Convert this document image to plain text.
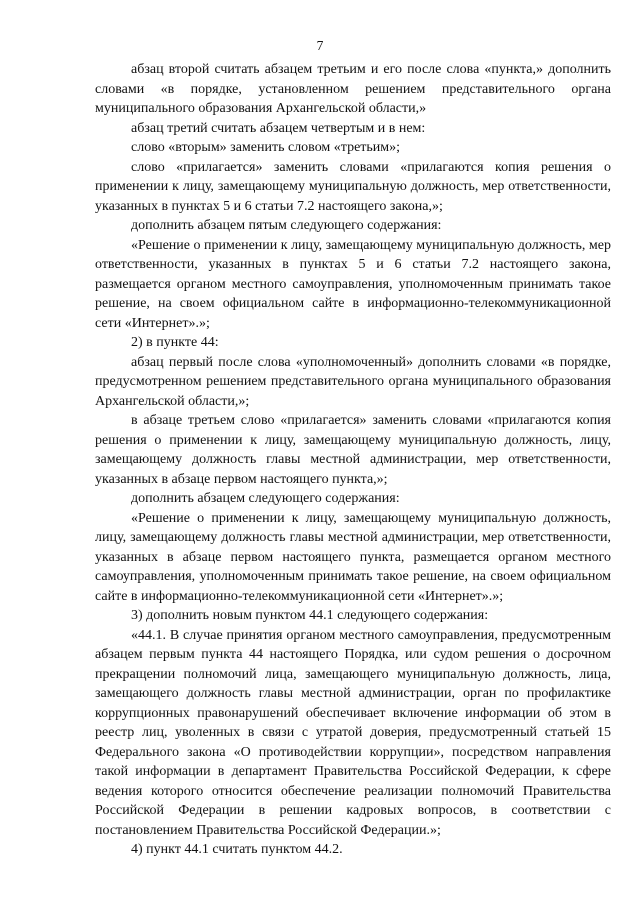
7

абзац второй считать абзацем третьим и его после слова «пункта,» дополнить словами «в порядке, установленном решением представительного органа муниципального образования Архангельской области,»

абзац третий считать абзацем четвертым и в нем:

слово «вторым» заменить словом «третьим»;

слово «прилагается» заменить словами «прилагаются копия решения о применении к лицу, замещающему муниципальную должность, мер ответственности, указанных в пунктах 5 и 6 статьи 7.2 настоящего закона,»;

дополнить абзацем пятым следующего содержания:

«Решение о применении к лицу, замещающему муниципальную должность, мер ответственности, указанных в пунктах 5 и 6 статьи 7.2 настоящего закона, размещается органом местного самоуправления, уполномоченным принимать такое решение, на своем официальном сайте в информационно-телекоммуникационной сети «Интернет».»;

2) в пункте 44:

абзац первый после слова «уполномоченный» дополнить словами «в порядке, предусмотренном решением представительного органа муниципального образования Архангельской области,»;

в абзаце третьем слово «прилагается» заменить словами «прилагаются копия решения о применении к лицу, замещающему муниципальную должность, лицу, замещающему должность главы местной администрации, мер ответственности, указанных в абзаце первом настоящего пункта,»;

дополнить абзацем следующего содержания:

«Решение о применении к лицу, замещающему муниципальную должность, лицу, замещающему должность главы местной администрации, мер ответственности, указанных в абзаце первом настоящего пункта, размещается органом местного самоуправления, уполномоченным принимать такое решение, на своем официальном сайте в информационно-телекоммуникационной сети «Интернет».»;

3) дополнить новым пунктом 44.1 следующего содержания:

«44.1. В случае принятия органом местного самоуправления, предусмотренным абзацем первым пункта 44 настоящего Порядка, или судом решения о досрочном прекращении полномочий лица, замещающего муниципальную должность, лица, замещающего должность главы местной администрации, орган по профилактике коррупционных правонарушений обеспечивает включение информации об этом в реестр лиц, уволенных в связи с утратой доверия, предусмотренный статьей 15 Федерального закона «О противодействии коррупции», посредством направления такой информации в департамент Правительства Российской Федерации, к сфере ведения которого относится обеспечение реализации полномочий Правительства Российской Федерации в решении кадровых вопросов, в соответствии с постановлением Правительства Российской Федерации.»;

4) пункт 44.1 считать пунктом 44.2.
